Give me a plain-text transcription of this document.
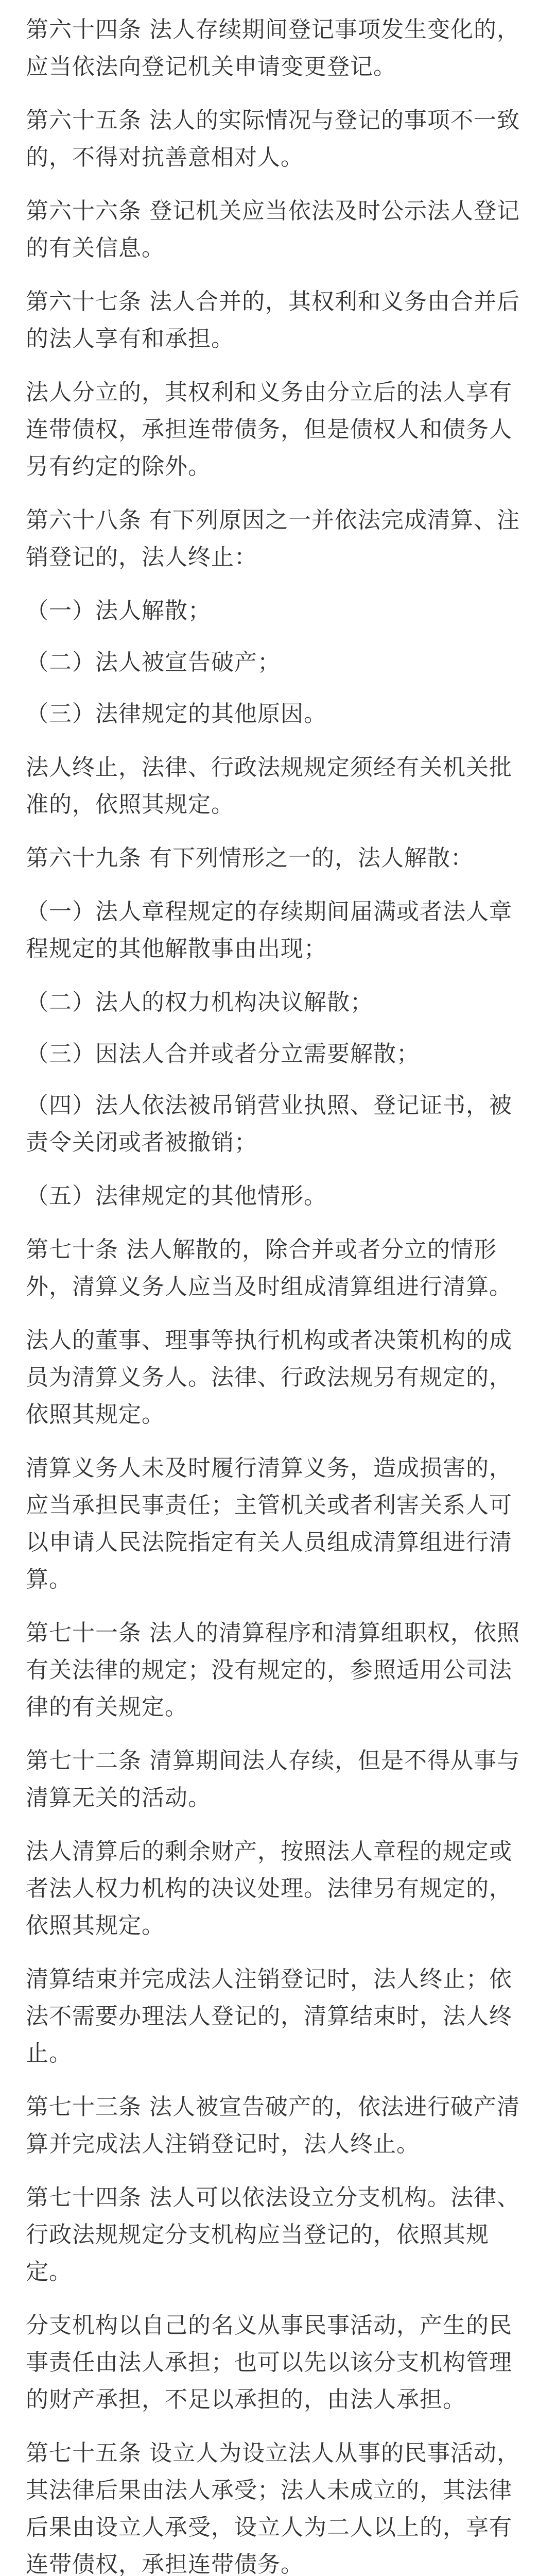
第六十四条 法人存续期间登记事项发生变化的，应当依法向登记机关申请变更登记。

第六十五条 法人的实际情况与登记的事项不一致的，不得对抗善意相对人。

第六十六条 登记机关应当依法及时公示法人登记的有关信息。

第六十七条 法人合并的，其权利和义务由合并后的法人享有和承担。

法人分立的，其权利和义务由分立后的法人享有连带债权，承担连带债务，但是债权人和债务人另有约定的除外。

第六十八条 有下列原因之一并依法完成清算、注销登记的，法人终止：

（一）法人解散；

（二）法人被宣告破产；

（三）法律规定的其他原因。

法人终止，法律、行政法规规定须经有关机关批准的，依照其规定。

第六十九条 有下列情形之一的，法人解散：

（一）法人章程规定的存续期间届满或者法人章程规定的其他解散事由出现；

（二）法人的权力机构决议解散；

（三）因法人合并或者分立需要解散；

（四）法人依法被吊销营业执照、登记证书，被责令关闭或者被撤销；

（五）法律规定的其他情形。

第七十条 法人解散的，除合并或者分立的情形外，清算义务人应当及时组成清算组进行清算。

法人的董事、理事等执行机构或者决策机构的成员为清算义务人。法律、行政法规另有规定的，依照其规定。

清算义务人未及时履行清算义务，造成损害的，应当承担民事责任；主管机关或者利害关系人可以申请人民法院指定有关人员组成清算组进行清算。

第七十一条 法人的清算程序和清算组职权，依照有关法律的规定；没有规定的，参照适用公司法律的有关规定。

第七十二条 清算期间法人存续，但是不得从事与清算无关的活动。

法人清算后的剩余财产，按照法人章程的规定或者法人权力机构的决议处理。法律另有规定的，依照其规定。

清算结束并完成法人注销登记时，法人终止；依法不需要办理法人登记的，清算结束时，法人终止。

第七十三条 法人被宣告破产的，依法进行破产清算并完成法人注销登记时，法人终止。

第七十四条 法人可以依法设立分支机构。法律、行政法规规定分支机构应当登记的，依照其规定。

分支机构以自己的名义从事民事活动，产生的民事责任由法人承担；也可以先以该分支机构管理的财产承担，不足以承担的，由法人承担。

第七十五条 设立人为设立法人从事的民事活动，其法律后果由法人承受；法人未成立的，其法律后果由设立人承受，设立人为二人以上的，享有连带债权，承担连带债务。
